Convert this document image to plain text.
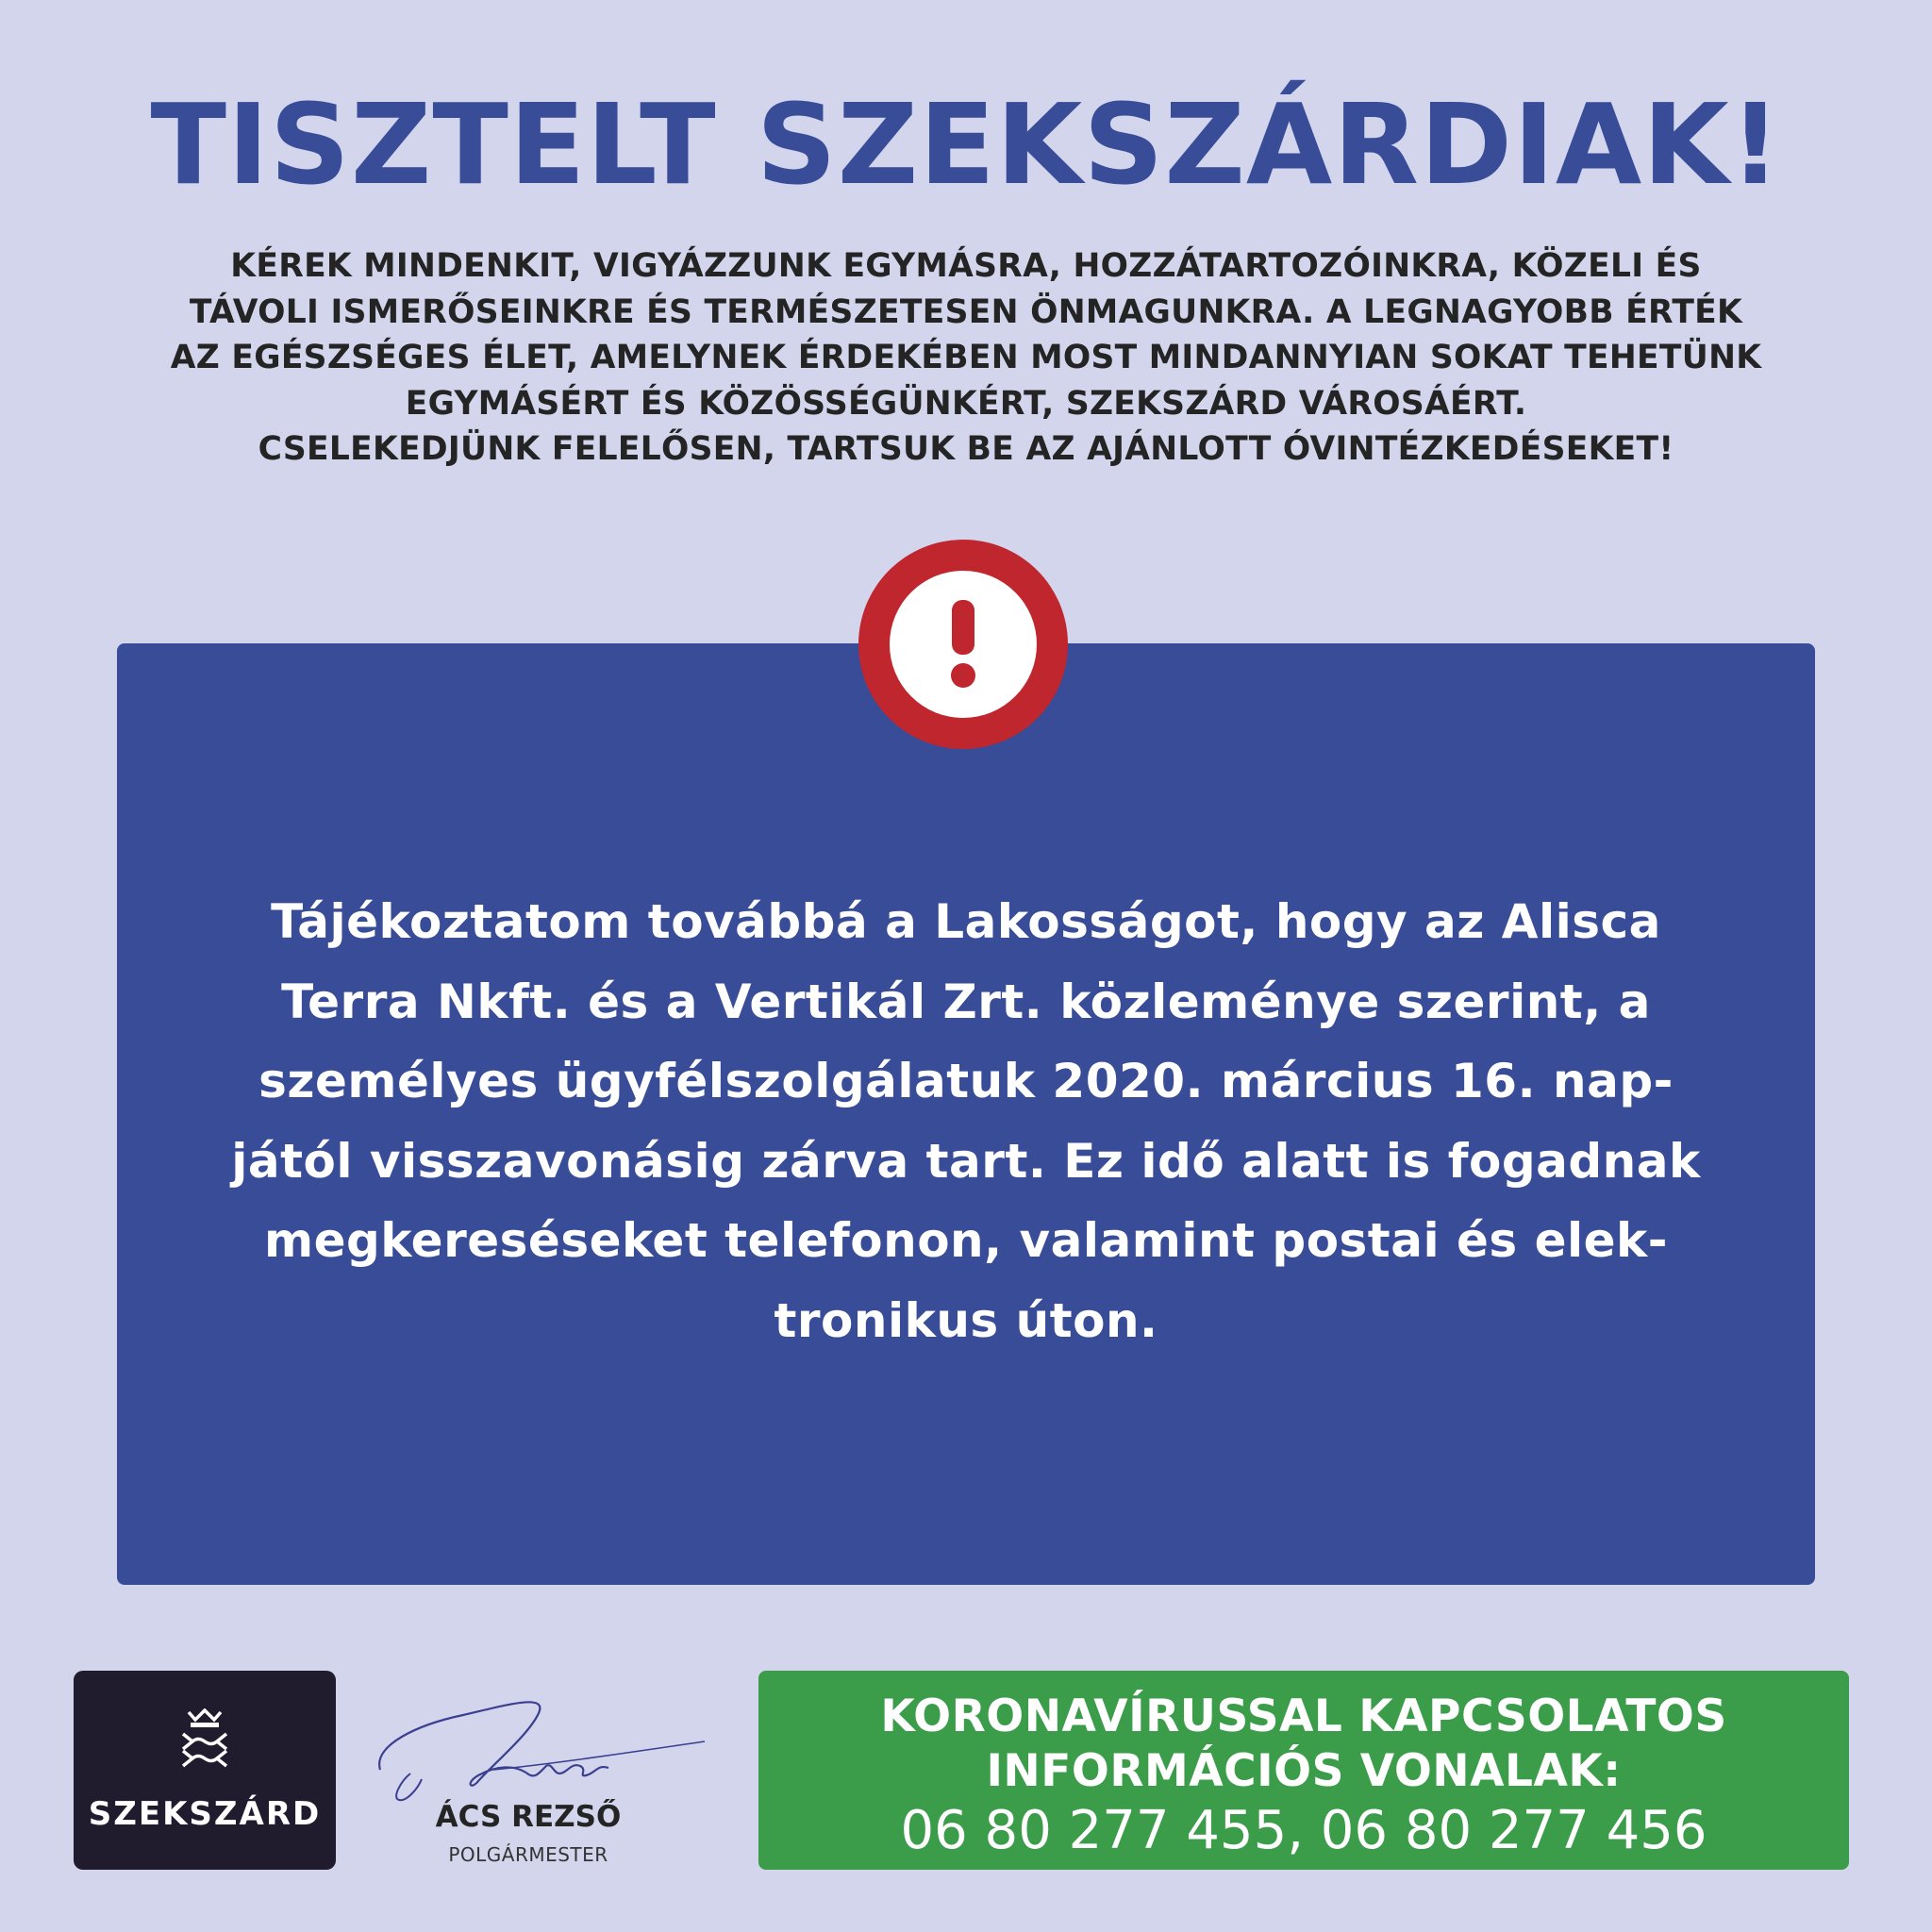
TISZTELT SZEKSZÁRDIAK!
KÉREK MINDENKIT, VIGYÁZZUNK EGYMÁSRA, HOZZÁTARTOZÓINKRA, KÖZELI ÉS
TÁVOLI ISMERŐSEINKRE ÉS TERMÉSZETESEN ÖNMAGUNKRA. A LEGNAGYOBB ÉRTÉK
AZ EGÉSZSÉGES ÉLET, AMELYNEK ÉRDEKÉBEN MOST MINDANNYIAN SOKAT TEHETÜNK
EGYMÁSÉRT ÉS KÖZÖSSÉGÜNKÉRT, SZEKSZÁRD VÁROSÁÉRT.
CSELEKEDJÜNK FELELŐSEN, TARTSUK BE AZ AJÁNLOTT ÓVINTÉZKEDÉSEKET!
Tájékoztatom továbbá a Lakosságot, hogy az Alisca
Terra Nkft. és a Vertikál Zrt. közleménye szerint, a
személyes ügyfélszolgálatuk 2020. március 16. nap-
jától visszavonásig zárva tart. Ez idő alatt is fogadnak
megkereséseket telefonon, valamint postai és elek-
tronikus úton.
SZEKSZÁRD	ÁCS REZSŐ
POLGÁRMESTER
KORONAVÍRUSSAL KAPCSOLATOS
INFORMÁCIÓS VONALAK:
06 80 277 455, 06 80 277 456
